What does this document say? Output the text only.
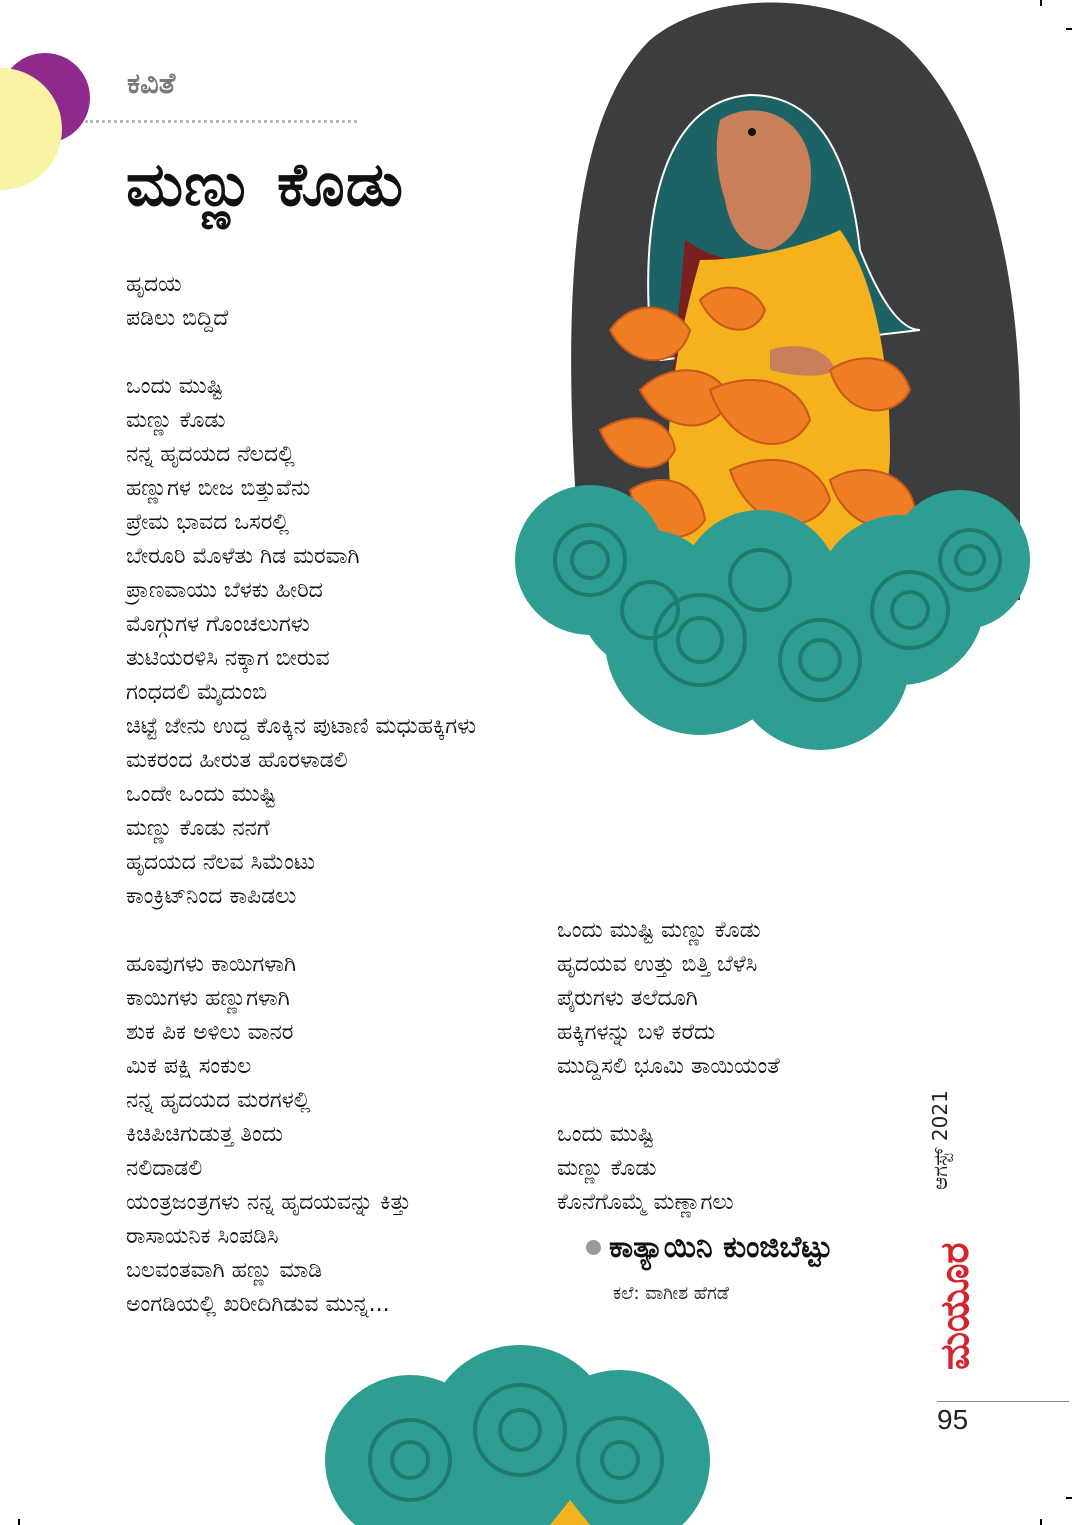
ಕವಿತೆ
ಮಣ್ಣು ಕೊಡು
ಹೃದಯ
ಪಡಿಲು ಬಿದ್ದಿದೆ
ಒಂದು ಮುಷ್ಟಿ
ಮಣ್ಣು ಕೊಡು
ನನ್ನ ಹೃದಯದ ನೆಲದಲ್ಲಿ
ಹಣ್ಣುಗಳ ಬೀಜ ಬಿತ್ತುವೆನು
ಪ್ರೇಮ ಭಾವದ ಒಸರಲ್ಲಿ
ಬೇರೂರಿ ಮೊಳೆತು ಗಿಡ ಮರವಾಗಿ
ಪ್ರಾಣವಾಯು ಬೆಳಕು ಹೀರಿದ
ಮೊಗ್ಗುಗಳ ಗೊಂಚಲುಗಳು
ತುಟಿಯರಳಿಸಿ ನಕ್ಕಾಗ ಬೀರುವ
ಗಂಧದಲಿ ಮೈದುಂಬಿ
ಚಿಟ್ಟೆ ಜೇನು ಉದ್ದ ಕೊಕ್ಕಿನ ಪುಟಾಣಿ ಮಧುಹಕ್ಕಿಗಳು
ಮಕರಂದ ಹೀರುತ ಹೊರಳಾಡಲಿ
ಒಂದೇ ಒಂದು ಮುಷ್ಟಿ
ಮಣ್ಣು ಕೊಡು ನನಗೆ
ಹೃದಯದ ನೆಲವ ಸಿಮೆಂಟು
ಕಾಂಕ್ರಿಟ್‌ನಿಂದ ಕಾಪಿಡಲು
ಹೂವುಗಳು ಕಾಯಿಗಳಾಗಿ
ಕಾಯಿಗಳು ಹಣ್ಣುಗಳಾಗಿ
ಶುಕ ಪಿಕ ಅಳಿಲು ವಾನರ
ಮಿಕ ಪಕ್ಷಿ ಸಂಕುಲ
ನನ್ನ ಹೃದಯದ ಮರಗಳಲ್ಲಿ
ಕಿಚಿಪಿಚಿಗುಡುತ್ತ ತಿಂದು
ನಲಿದಾಡಲಿ
ಯಂತ್ರಜಂತ್ರಗಳು ನನ್ನ ಹೃದಯವನ್ನು ಕಿತ್ತು
ರಾಸಾಯನಿಕ ಸಿಂಪಡಿಸಿ
ಬಲವಂತವಾಗಿ ಹಣ್ಣು ಮಾಡಿ
ಅಂಗಡಿಯಲ್ಲಿ ಖರೀದಿಗಿಡುವ ಮುನ್ನ...
ಒಂದು ಮುಷ್ಟಿ ಮಣ್ಣು ಕೊಡು
ಹೃದಯವ ಉತ್ತು ಬಿತ್ತಿ ಬೆಳೆಸಿ
ಪೈರುಗಳು ತಲೆದೂಗಿ
ಹಕ್ಕಿಗಳನ್ನು ಬಳಿ ಕರೆದು
ಮುದ್ದಿಸಲಿ ಭೂಮಿ ತಾಯಿಯಂತೆ
ಒಂದು ಮುಷ್ಟಿ
ಮಣ್ಣು ಕೊಡು
ಕೊನೆಗೊಮ್ಮೆ ಮಣ್ಣಾಗಲು
ಕಾತ್ಯಾಯಿನಿ ಕುಂಜಿಬೆಟ್ಟು
ಕಲೆ: ವಾಗೀಶ ಹೆಗಡೆ
ಆಗಸ್ಟ್ 2021
ಮಯೂರ
95
